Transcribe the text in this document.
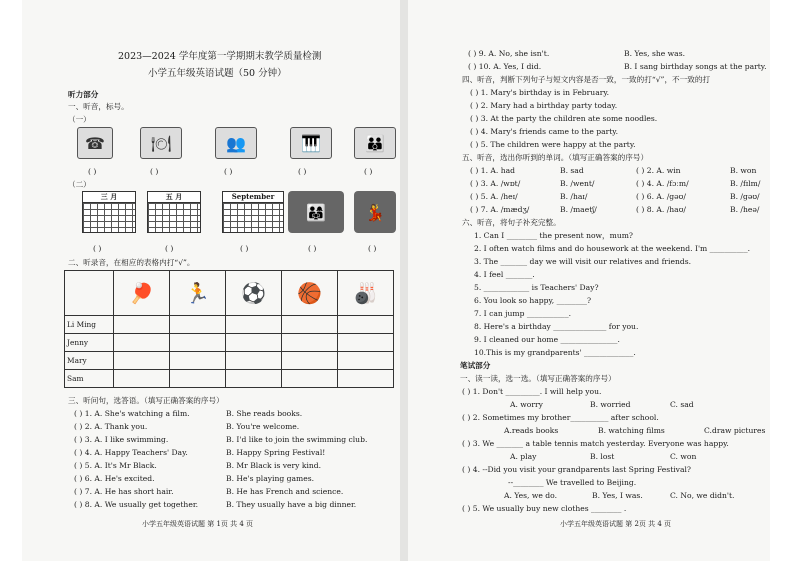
2023—2024 学年度第一学期期末教学质量检测
小学五年级英语试题（50 分钟）
听力部分
一、听音，标号。
（一）
☎	🍽	👥	🎹	👪
( )	( )	( )	( )	( )
（二）
三 月	五 月	September
👨‍👩‍👧	💃
( )	( )	( )	( )	( )
二、听录音，在相应的表格内打“√”。
	🏓	🏃	⚽	🏀	🎳
Li Ming					
Jenny					
Mary					
Sam					
三、听问句，选答语。（填写正确答案的序号）
( ) 1. A. She's watching a film.	B. She reads books.
( ) 2. A. Thank you.	B. You're welcome.
( ) 3. A. I like swimming.	B. I'd like to join the swimming club.
( ) 4. A. Happy Teachers' Day.	B. Happy Spring Festival!
( ) 5. A. It's Mr Black.	B. Mr Black is very kind.
( ) 6. A. He's excited.	B. He's playing games.
( ) 7. A. He has short hair.	B. He has French and science.
( ) 8. A. We usually get together.	B. They usually have a big dinner.
小学五年级英语试题 第 1页 共 4 页
( ) 9. A. No, she isn't.	B. Yes, she was.
( ) 10. A. Yes, I did.	B. I sang birthday songs at the party.
四、听音，判断下列句子与短文内容是否一致，一致的打“√”，不一致的打
( ) 1. Mary's birthday is in February.
( ) 2. Mary had a birthday party today.
( ) 3. At the party the children ate some noodles.
( ) 4. Mary's friends came to the party.
( ) 5. The children were happy at the party.
五、听音，选出你听到的单词。（填写正确答案的序号）
( ) 1. A. had	B. sad	( ) 2. A. win	B. won
( ) 3. A. /wɒt/	B. /went/	( ) 4. A. /fɔːm/	B. /fɪlm/
( ) 5. A. /heɪ/	B. /haɪ/	( ) 6. A. /gəʊ/	B. /gəʊ/
( ) 7. A. /mædʒ/	B. /maetʃ/	( ) 8. A. /haʊ/	B. /heə/
六、听音，将句子补充完整。
1. Can I ________ the present now，mum?
2. I often watch films and do housework at the weekend. I'm __________.
3. The _______ day we will visit our relatives and friends.
4. I feel _______.
5. ____________ is Teachers' Day?
6. You look so happy, ________?
7. I can jump ___________.
8. Here's a birthday ______________ for you.
9. I cleaned our home _______________.
10.This is my grandparents' _____________.
笔试部分
一、读一读，选一选。（填写正确答案的序号）
( ) 1. Don't _________. I will help you.
A. worry	B. worried	C. sad
( ) 2. Sometimes my brother__________ after school.
A.reads books	B. watching films	C.draw pictures
( ) 3. We _______ a table tennis match yesterday. Everyone was happy.
A. play	B. lost	C. won
( ) 4. --Did you visit your grandparents last Spring Festival?
--________ We travelled to Beijing.
A. Yes, we do.	B. Yes, I was.	C. No, we didn't.
( ) 5. We usually buy new clothes ________ .
小学五年级英语试题 第 2页 共 4 页
